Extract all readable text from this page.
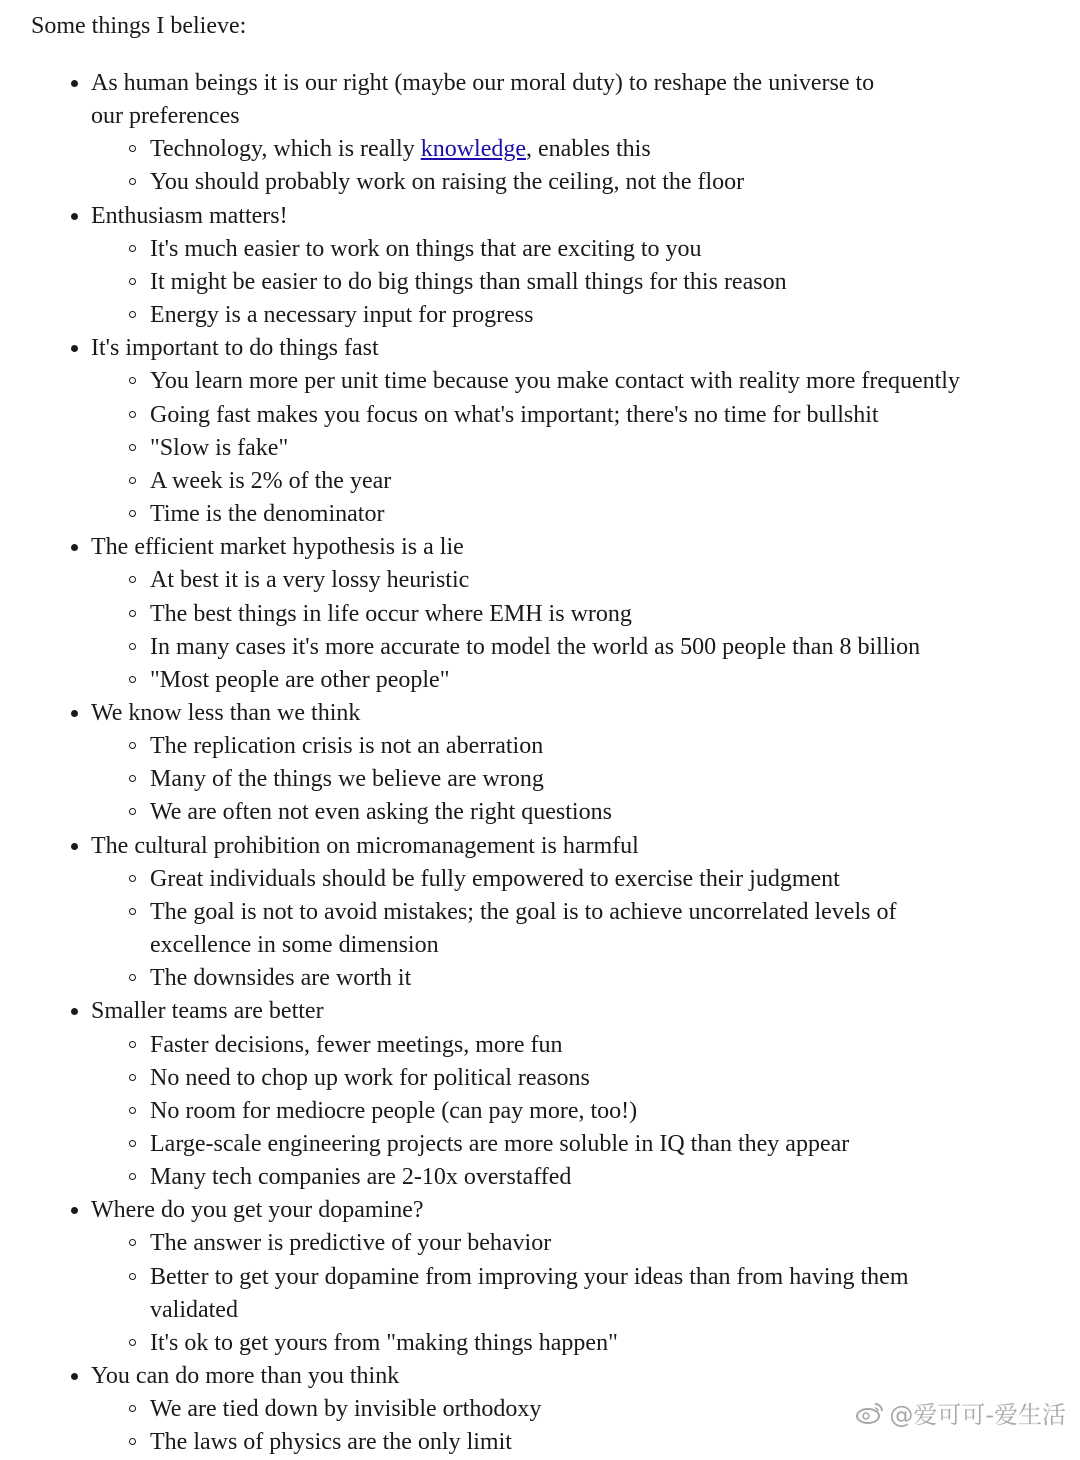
Some things I believe:
As human beings it is our right (maybe our moral duty) to reshape the universe to our preferences
Technology, which is really knowledge, enables this
You should probably work on raising the ceiling, not the floor
Enthusiasm matters!
It's much easier to work on things that are exciting to you
It might be easier to do big things than small things for this reason
Energy is a necessary input for progress
It's important to do things fast
You learn more per unit time because you make contact with reality more frequently
Going fast makes you focus on what's important; there's no time for bullshit
"Slow is fake"
A week is 2% of the year
Time is the denominator
The efficient market hypothesis is a lie
At best it is a very lossy heuristic
The best things in life occur where EMH is wrong
In many cases it's more accurate to model the world as 500 people than 8 billion
"Most people are other people"
We know less than we think
The replication crisis is not an aberration
Many of the things we believe are wrong
We are often not even asking the right questions
The cultural prohibition on micromanagement is harmful
Great individuals should be fully empowered to exercise their judgment
The goal is not to avoid mistakes; the goal is to achieve uncorrelated levels of excellence in some dimension
The downsides are worth it
Smaller teams are better
Faster decisions, fewer meetings, more fun
No need to chop up work for political reasons
No room for mediocre people (can pay more, too!)
Large-scale engineering projects are more soluble in IQ than they appear
Many tech companies are 2-10x overstaffed
Where do you get your dopamine?
The answer is predictive of your behavior
Better to get your dopamine from improving your ideas than from having them validated
It's ok to get yours from "making things happen"
You can do more than you think
We are tied down by invisible orthodoxy
The laws of physics are the only limit
@爱可可-爱生活
